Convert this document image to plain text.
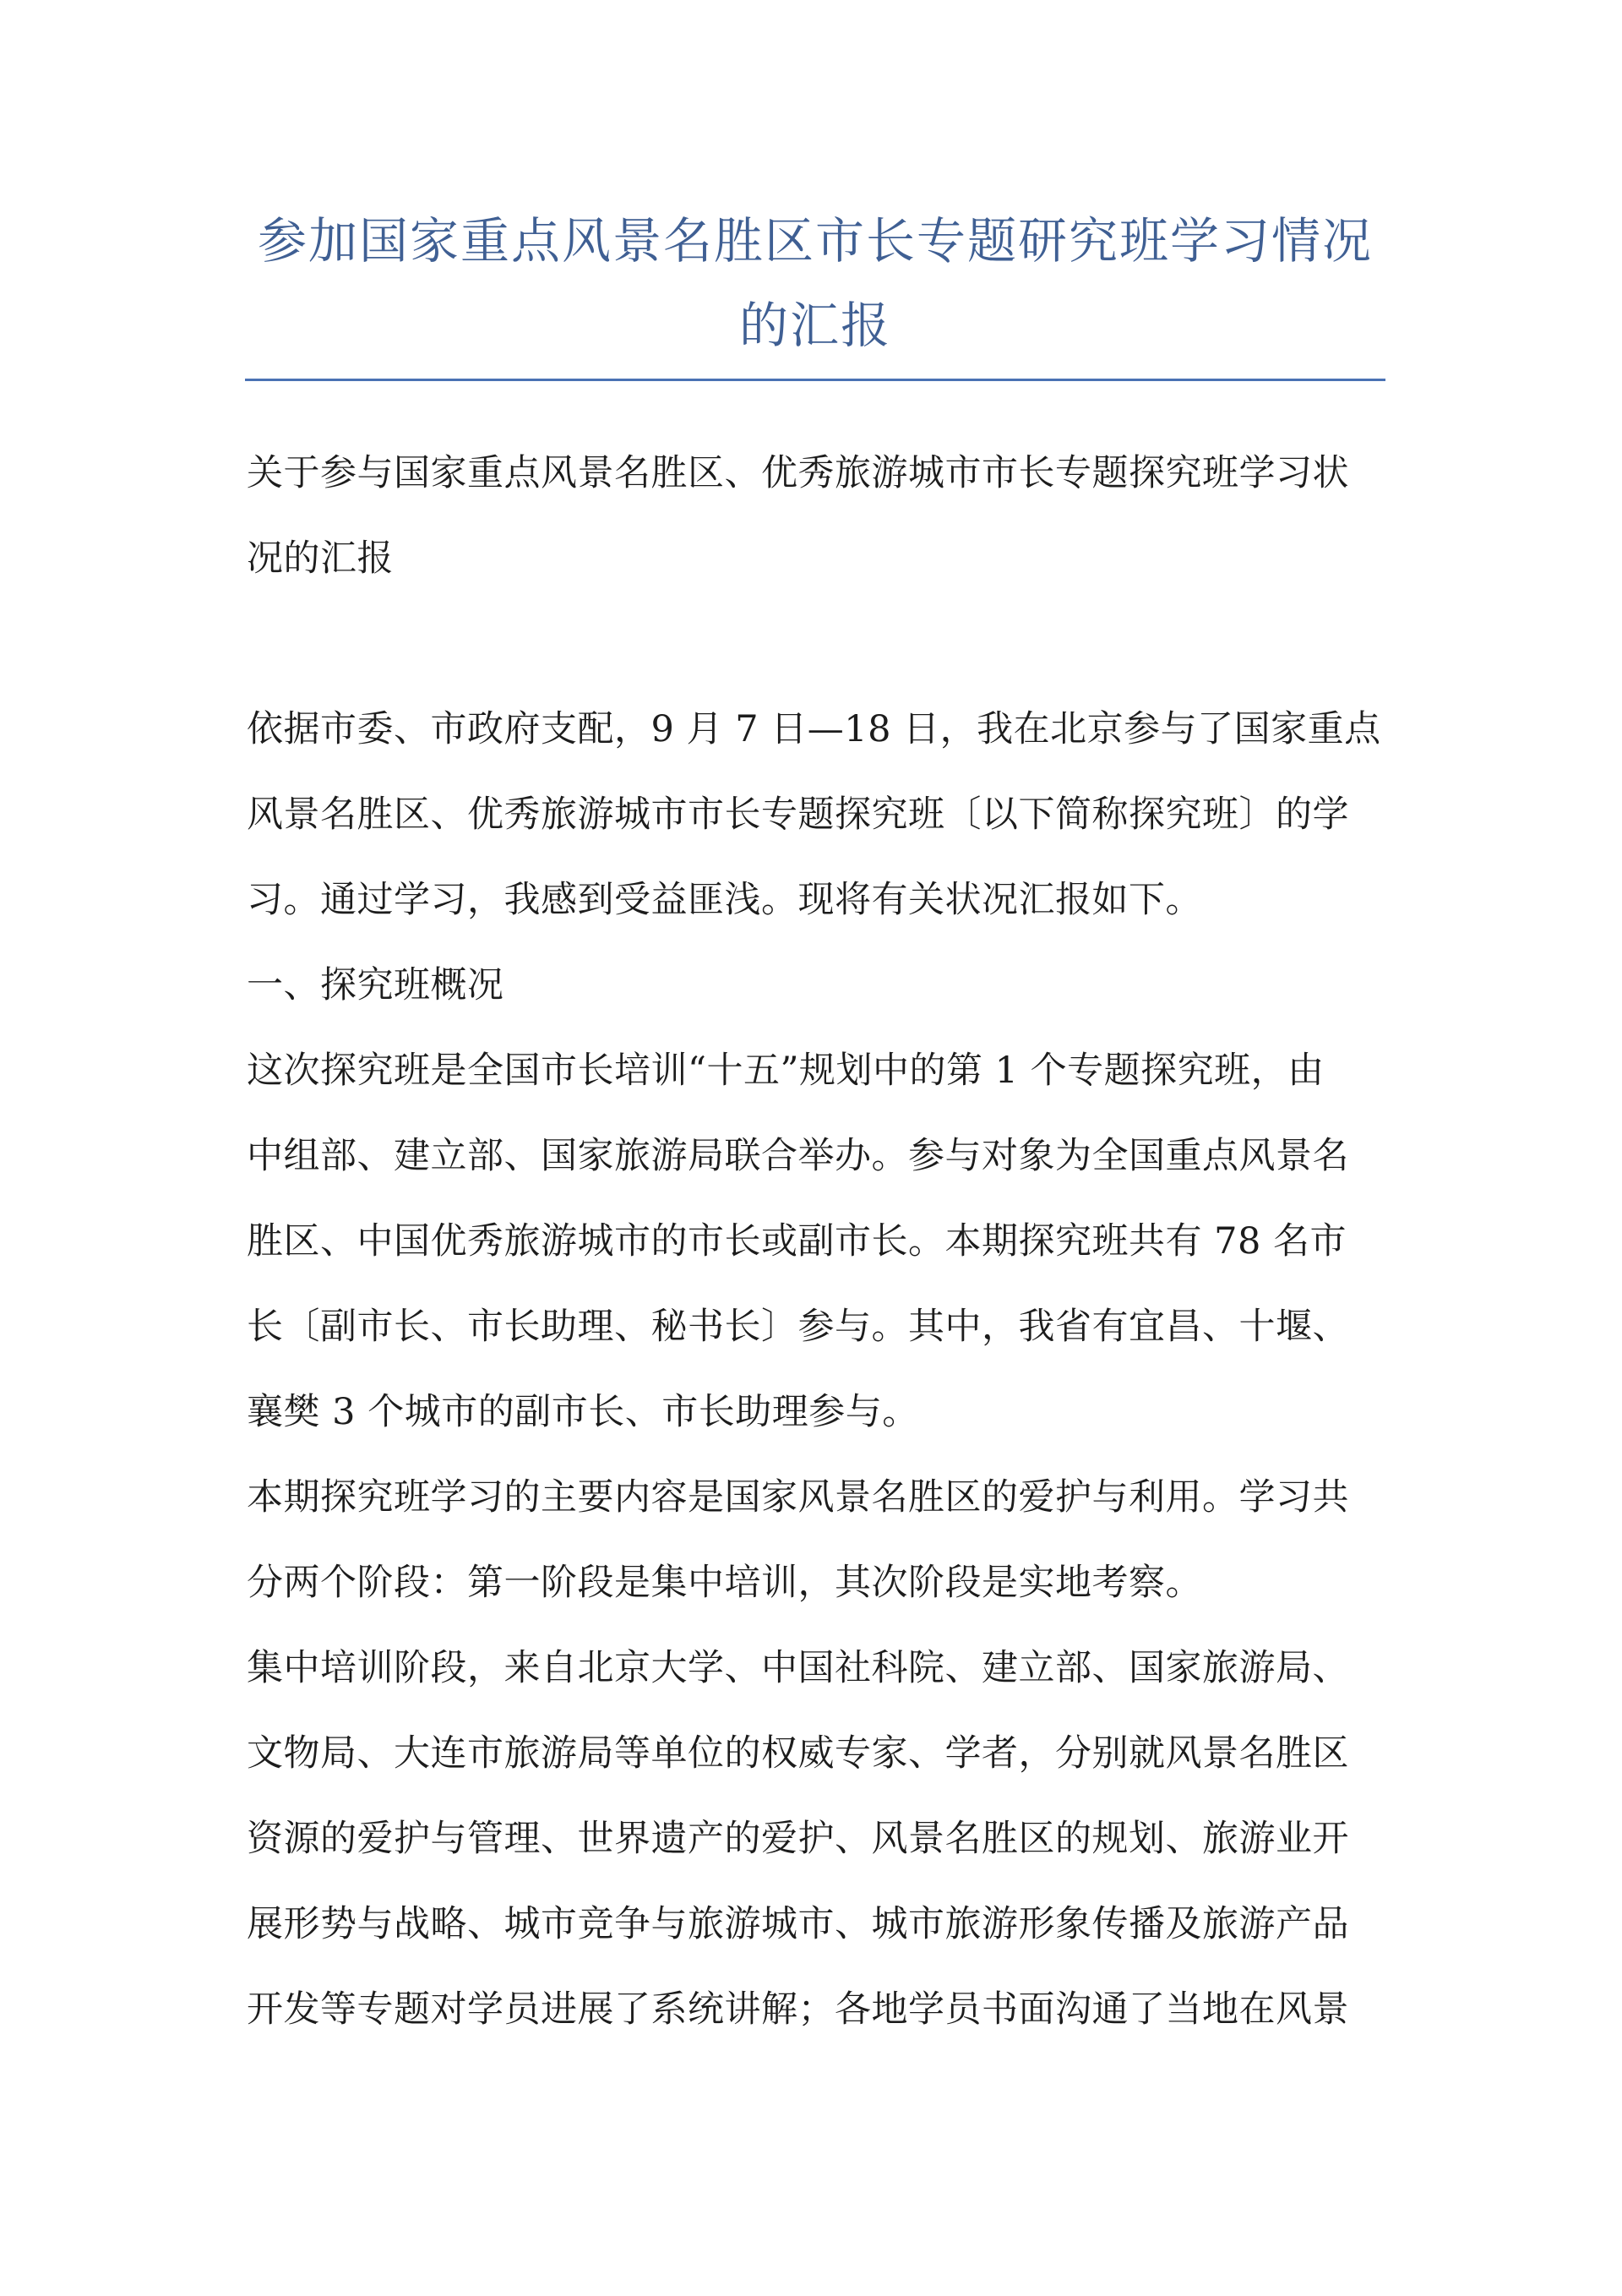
参加国家重点风景名胜区市长专题研究班学习情况
的汇报
关于参与国家重点风景名胜区、优秀旅游城市市长专题探究班学习状
况的汇报
依据市委、市政府支配，9 月 7 日—18 日，我在北京参与了国家重点
风景名胜区、优秀旅游城市市长专题探究班〔以下简称探究班〕的学
习。通过学习，我感到受益匪浅。现将有关状况汇报如下。
一、探究班概况
这次探究班是全国市长培训“十五”规划中的第 1 个专题探究班，由
中组部、建立部、国家旅游局联合举办。参与对象为全国重点风景名
胜区、中国优秀旅游城市的市长或副市长。本期探究班共有 78 名市
长〔副市长、市长助理、秘书长〕参与。其中，我省有宜昌、十堰、
襄樊 3 个城市的副市长、市长助理参与。
本期探究班学习的主要内容是国家风景名胜区的爱护与利用。学习共
分两个阶段：第一阶段是集中培训，其次阶段是实地考察。
集中培训阶段，来自北京大学、中国社科院、建立部、国家旅游局、
文物局、大连市旅游局等单位的权威专家、学者，分别就风景名胜区
资源的爱护与管理、世界遗产的爱护、风景名胜区的规划、旅游业开
展形势与战略、城市竞争与旅游城市、城市旅游形象传播及旅游产品
开发等专题对学员进展了系统讲解；各地学员书面沟通了当地在风景
